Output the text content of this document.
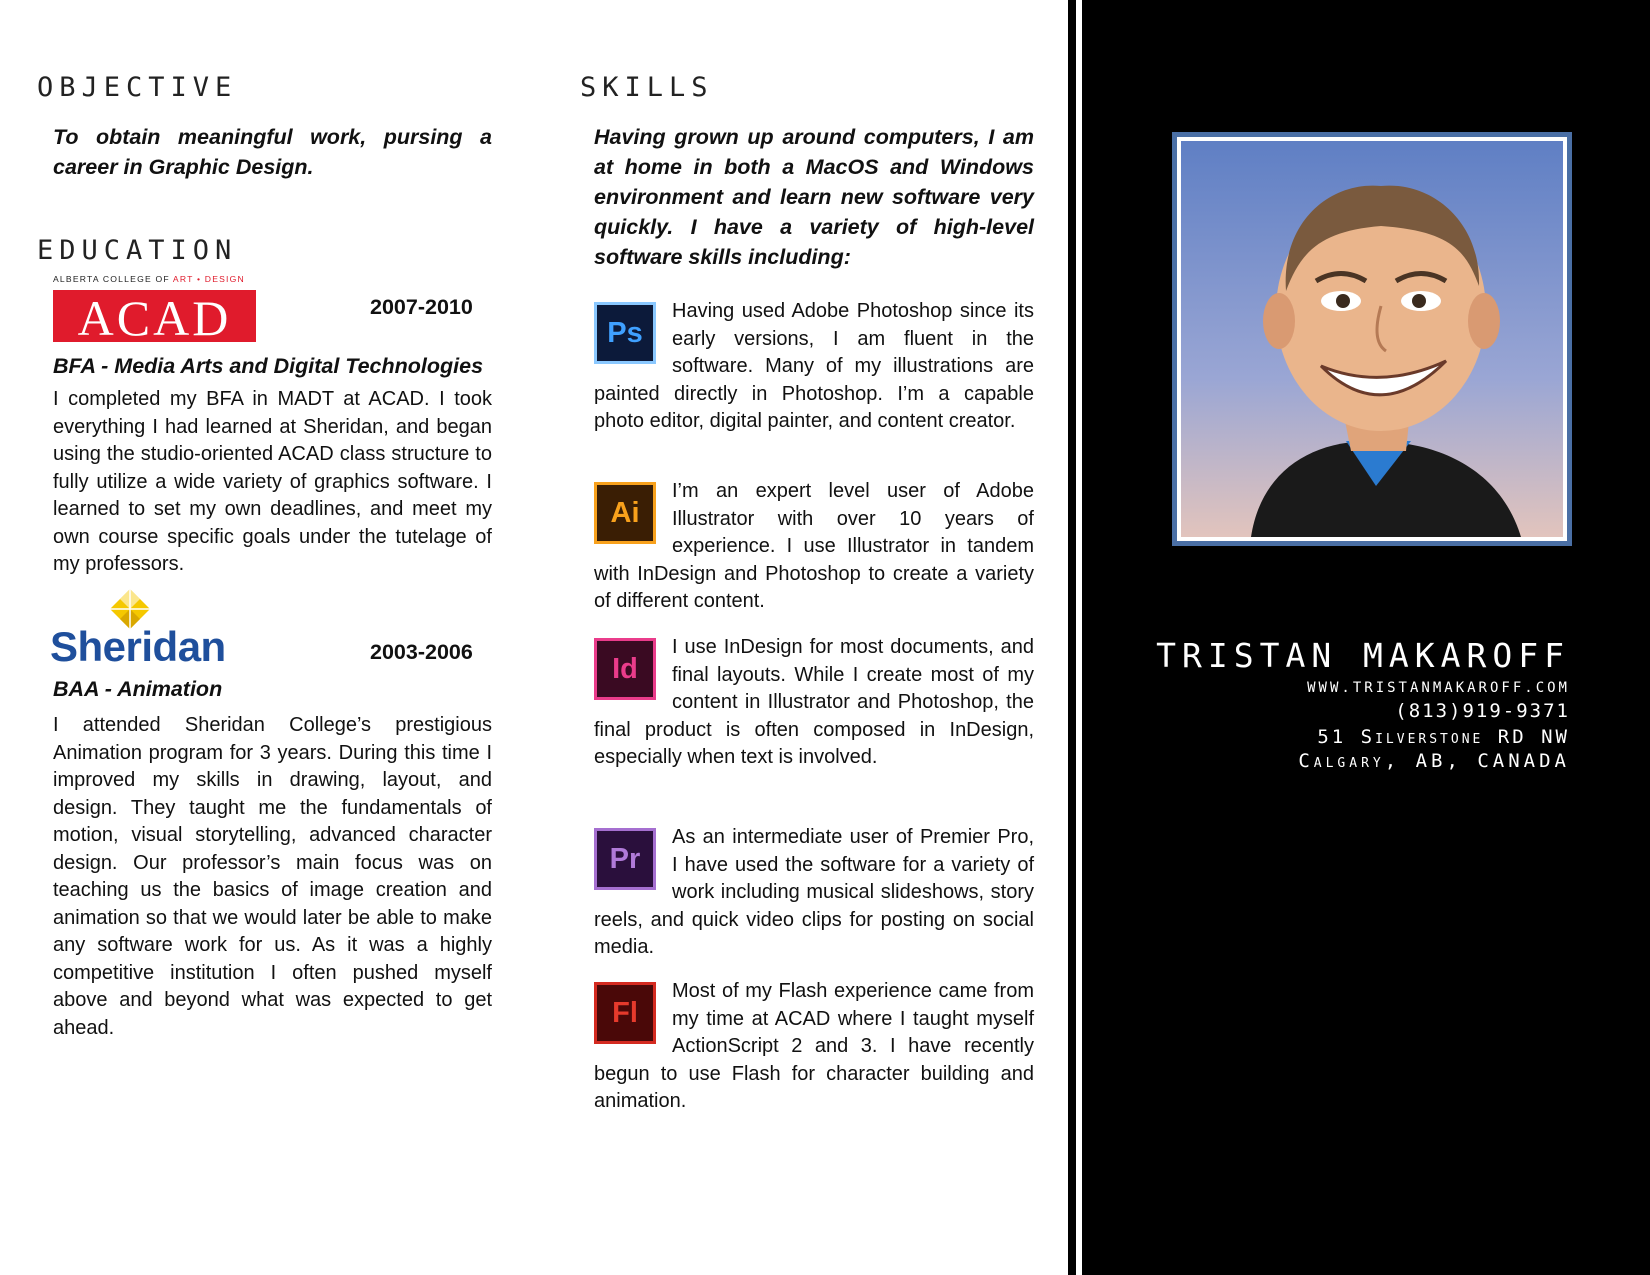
OBJECTIVE

To obtain meaningful work, pursing a career in Graphic Design.

EDUCATION
ALBERTA COLLEGE OF ART • DESIGN
ACAD	2007-2010

BFA - Media Arts and Digital Technologies

I completed my BFA in MADT at ACAD. I took everything I had learned at Sheridan, and began using the studio-oriented ACAD class structure to fully utilize a wide variety of graphics software. I learned to set my own deadlines, and meet my own course specific goals under the tutelage of my professors.

Sheridan	2003-2006

BAA - Animation

I attended Sheridan College’s prestigious Animation program for 3 years. During this time I improved my skills in drawing, layout, and design. They taught me the fundamentals of motion, visual storytelling, advanced character design. Our professor’s main focus was on teaching us the basics of image creation and animation so that we would later be able to make any software work for us. As it was a highly competitive institution I often pushed myself above and beyond what was expected to get ahead.

SKILLS

Having grown up around computers, I am at home in both a MacOS and Windows environment and learn new software very quickly. I have a variety of high-level software skills including:

Ps

Having used Adobe Photoshop since its early versions, I am fluent in the software. Many of my illustrations are painted directly in Photoshop. I’m a capable photo editor, digital painter, and content creator.

Ai

I’m an expert level user of Adobe Illustrator with over 10 years of experience. I use Illustrator in tandem with InDesign and Photoshop to create a variety of different content.

Id

I use InDesign for most documents, and final layouts. While I create most of my content in Illustrator and Photoshop, the final product is often composed in InDesign, especially when text is involved.

Pr

As an intermediate user of Premier Pro, I have used the software for a variety of work including musical slideshows, story reels, and quick video clips for posting on social media.

Fl

Most of my Flash experience came from my time at ACAD where I taught myself ActionScript 2 and 3. I have recently begun to use Flash for character building and animation.

TRISTAN MAKAROFF

WWW.TRISTANMAKAROFF.COM

(813)919-9371

51 Silverstone RD NW

Calgary, AB, CANADA
